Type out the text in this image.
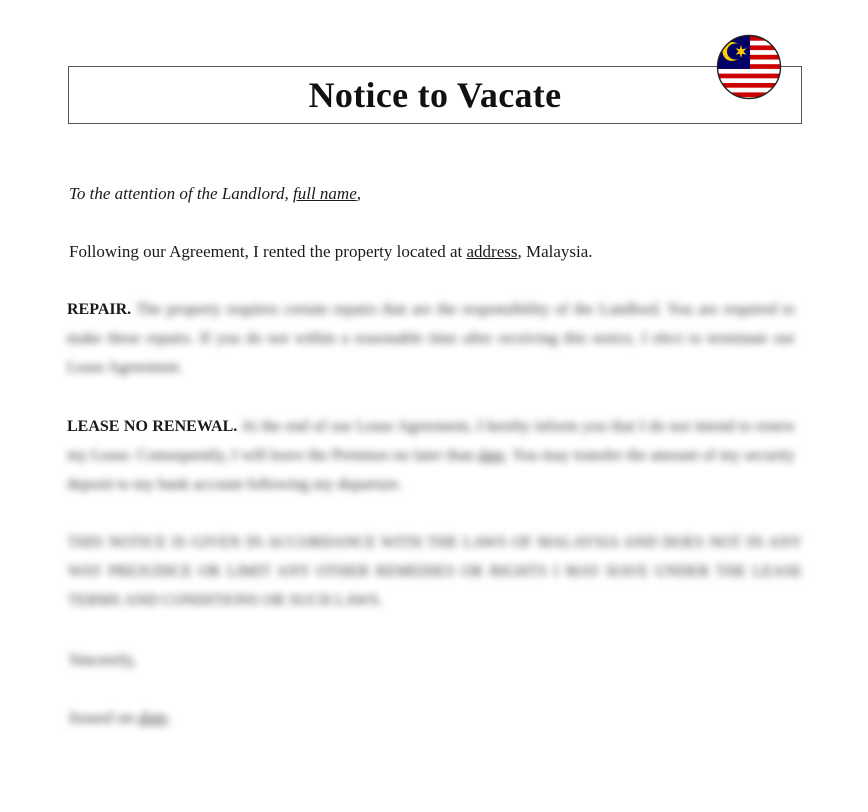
Notice to Vacate
To the attention of the Landlord, full name,
Following our Agreement, I rented the property located at address, Malaysia.
REPAIR. The property requires certain repairs that are the responsibility of the Landlord. You are required to make these repairs. If you do not within a reasonable time after receiving this notice, I elect to terminate our Lease Agreement.
LEASE NO RENEWAL. At the end of our Lease Agreement, I hereby inform you that I do not intend to renew my Lease. Consequently, I will leave the Premises no later than date. You may transfer the amount of my security deposit to my bank account following my departure.
THIS NOTICE IS GIVEN IN ACCORDANCE WITH THE LAWS OF MALAYSIA AND DOES NOT IN ANY WAY PREJUDICE OR LIMIT ANY OTHER REMEDIES OR RIGHTS I MAY HAVE UNDER THE LEASE TERMS AND CONDITIONS OR SUCH LAWS.
Sincerely,
Issued on date.
